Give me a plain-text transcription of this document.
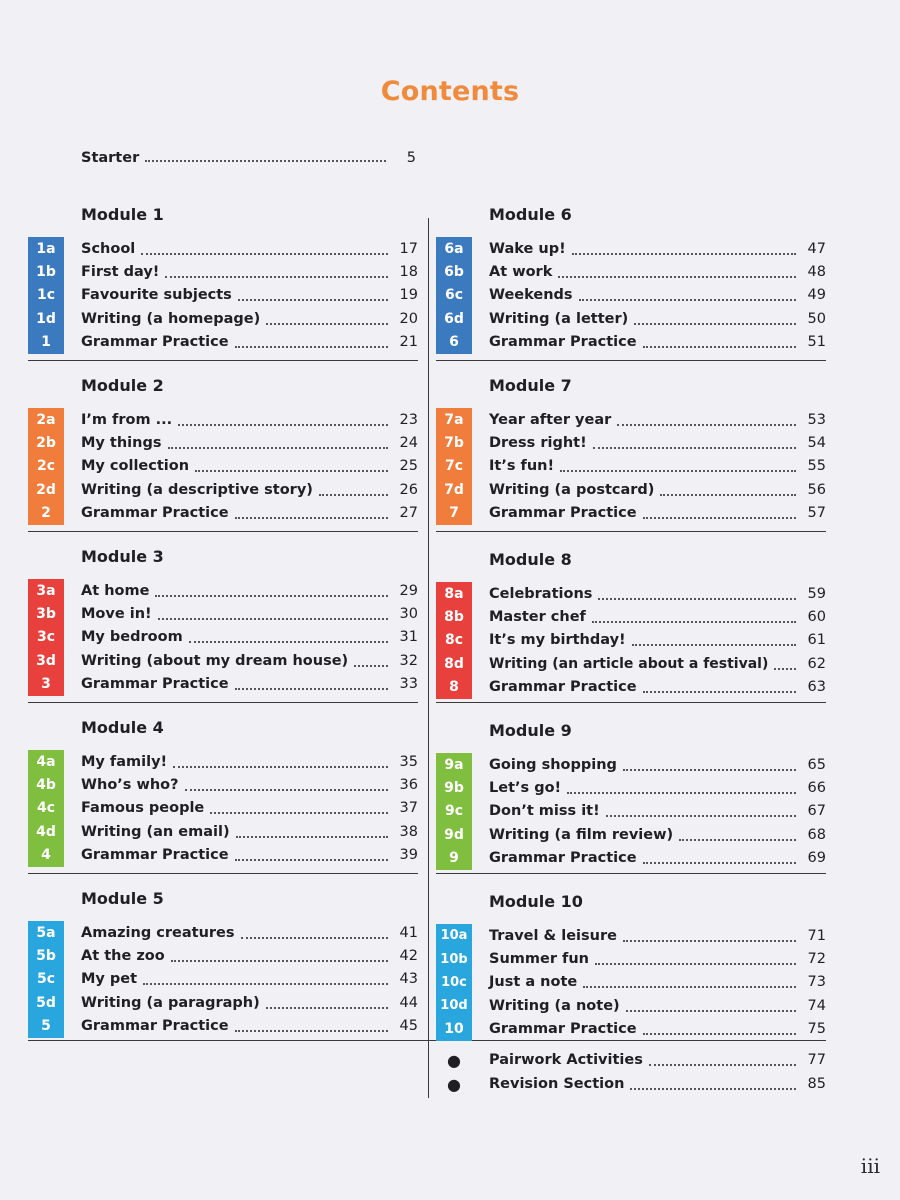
Contents
Starter	5
Module 1
1a	School	17
1b	First day!	18
1c	Favourite subjects	19
1d	Writing (a homepage)	20
1	Grammar Practice	21
Module 2
2a	I’m from ...	23
2b	My things	24
2c	My collection	25
2d	Writing (a descriptive story)	26
2	Grammar Practice	27
Module 3
3a	At home	29
3b	Move in!	30
3c	My bedroom	31
3d	Writing (about my dream house)	32
3	Grammar Practice	33
Module 4
4a	My family!	35
4b	Who’s who?	36
4c	Famous people	37
4d	Writing (an email)	38
4	Grammar Practice	39
Module 5
5a	Amazing creatures	41
5b	At the zoo	42
5c	My pet	43
5d	Writing (a paragraph)	44
5	Grammar Practice	45
Module 6
6a	Wake up!	47
6b	At work	48
6c	Weekends	49
6d	Writing (a letter)	50
6	Grammar Practice	51
Module 7
7a	Year after year	53
7b	Dress right!	54
7c	It’s fun!	55
7d	Writing (a postcard)	56
7	Grammar Practice	57
Module 8
8a	Celebrations	59
8b	Master chef	60
8c	It’s my birthday!	61
8d	Writing (an article about a festival)	62
8	Grammar Practice	63
Module 9
9a	Going shopping	65
9b	Let’s go!	66
9c	Don’t miss it!	67
9d	Writing (a film review)	68
9	Grammar Practice	69
Module 10
10a	Travel & leisure	71
10b Summer fun	72
10c	Just a note	73
10d Writing (a note)	74
10	Grammar Practice	75
●	Pairwork Activities	77
●	Revision Section	85
iii
